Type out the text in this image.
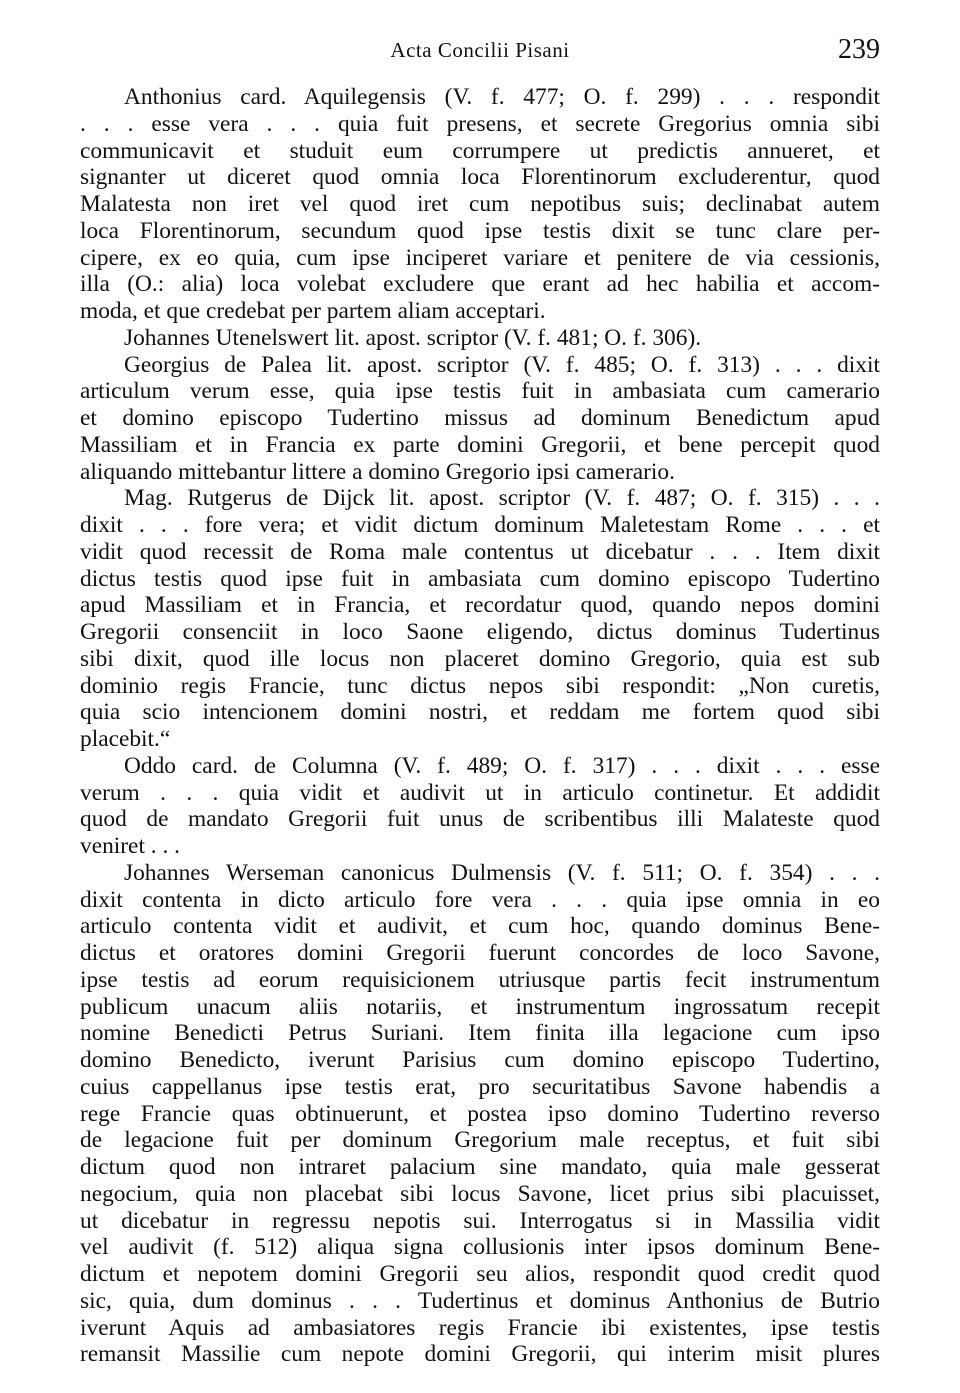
Acta Concilii Pisani	239
Anthonius card. Aquilegensis (V. f. 477; O. f. 299) . . . respondit
. . . esse vera . . . quia fuit presens, et secrete Gregorius omnia sibi
communicavit et studuit eum corrumpere ut predictis annueret, et
signanter ut diceret quod omnia loca Florentinorum excluderentur, quod
Malatesta non iret vel quod iret cum nepotibus suis; declinabat autem
loca Florentinorum, secundum quod ipse testis dixit se tunc clare per-
cipere, ex eo quia, cum ipse inciperet variare et penitere de via cessionis,
illa (O.: alia) loca volebat excludere que erant ad hec habilia et accom-
moda, et que credebat per partem aliam acceptari.
Johannes Utenelswert lit. apost. scriptor (V. f. 481; O. f. 306).
Georgius de Palea lit. apost. scriptor (V. f. 485; O. f. 313) . . . dixit
articulum verum esse, quia ipse testis fuit in ambasiata cum camerario
et domino episcopo Tudertino missus ad dominum Benedictum apud
Massiliam et in Francia ex parte domini Gregorii, et bene percepit quod
aliquando mittebantur littere a domino Gregorio ipsi camerario.
Mag. Rutgerus de Dijck lit. apost. scriptor (V. f. 487; O. f. 315) . . .
dixit . . . fore vera; et vidit dictum dominum Maletestam Rome . . . et
vidit quod recessit de Roma male contentus ut dicebatur . . . Item dixit
dictus testis quod ipse fuit in ambasiata cum domino episcopo Tudertino
apud Massiliam et in Francia, et recordatur quod, quando nepos domini
Gregorii consenciit in loco Saone eligendo, dictus dominus Tudertinus
sibi dixit, quod ille locus non placeret domino Gregorio, quia est sub
dominio regis Francie, tunc dictus nepos sibi respondit: „Non curetis,
quia scio intencionem domini nostri, et reddam me fortem quod sibi
placebit.“
Oddo card. de Columna (V. f. 489; O. f. 317) . . . dixit . . . esse
verum . . . quia vidit et audivit ut in articulo continetur. Et addidit
quod de mandato Gregorii fuit unus de scribentibus illi Malateste quod
veniret . . .
Johannes Werseman canonicus Dulmensis (V. f. 511; O. f. 354) . . .
dixit contenta in dicto articulo fore vera . . . quia ipse omnia in eo
articulo contenta vidit et audivit, et cum hoc, quando dominus Bene-
dictus et oratores domini Gregorii fuerunt concordes de loco Savone,
ipse testis ad eorum requisicionem utriusque partis fecit instrumentum
publicum unacum aliis notariis, et instrumentum ingrossatum recepit
nomine Benedicti Petrus Suriani. Item finita illa legacione cum ipso
domino Benedicto, iverunt Parisius cum domino episcopo Tudertino,
cuius cappellanus ipse testis erat, pro securitatibus Savone habendis a
rege Francie quas obtinuerunt, et postea ipso domino Tudertino reverso
de legacione fuit per dominum Gregorium male receptus, et fuit sibi
dictum quod non intraret palacium sine mandato, quia male gesserat
negocium, quia non placebat sibi locus Savone, licet prius sibi placuisset,
ut dicebatur in regressu nepotis sui. Interrogatus si in Massilia vidit
vel audivit (f. 512) aliqua signa collusionis inter ipsos dominum Bene-
dictum et nepotem domini Gregorii seu alios, respondit quod credit quod
sic, quia, dum dominus . . . Tudertinus et dominus Anthonius de Butrio
iverunt Aquis ad ambasiatores regis Francie ibi existentes, ipse testis
remansit Massilie cum nepote domini Gregorii, qui interim misit plures
